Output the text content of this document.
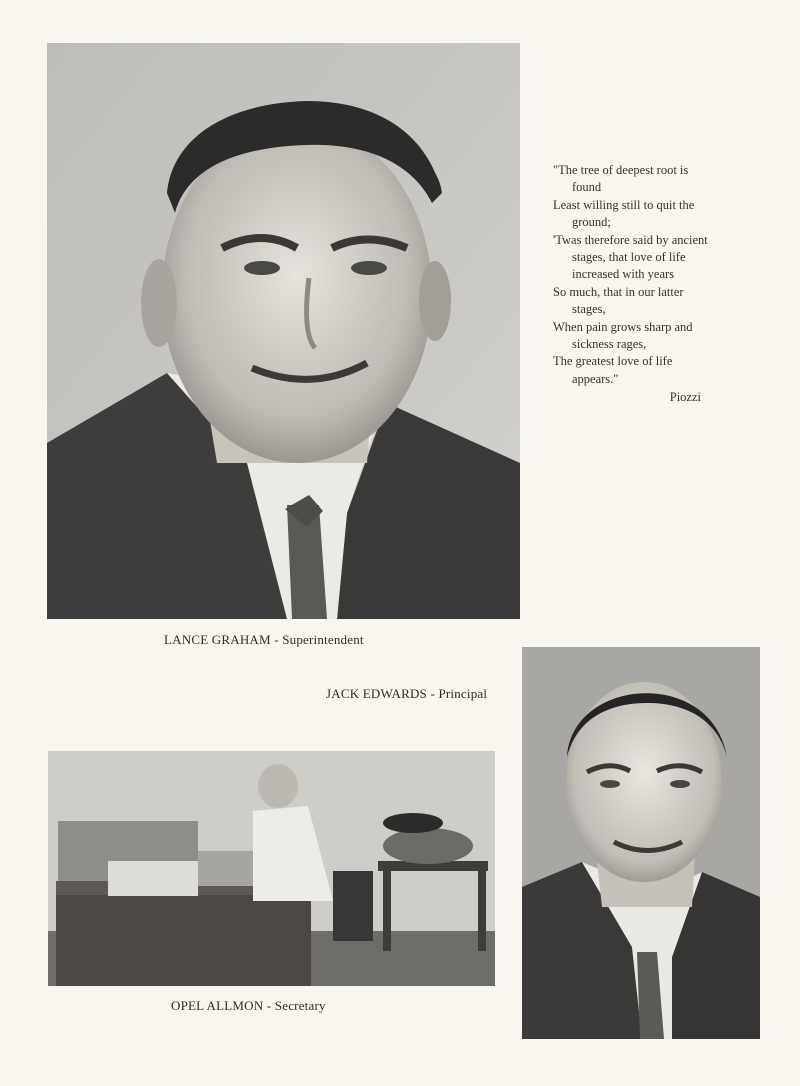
"The tree of deepest root is
found
Least willing still to quit the
ground;
'Twas therefore said by ancient
stages, that love of life
increased with years
So much, that in our latter
stages,
When pain grows sharp and
sickness rages,
The greatest love of life
appears."
Piozzi
LANCE GRAHAM - Superintendent
JACK EDWARDS - Principal
OPEL ALLMON - Secretary
